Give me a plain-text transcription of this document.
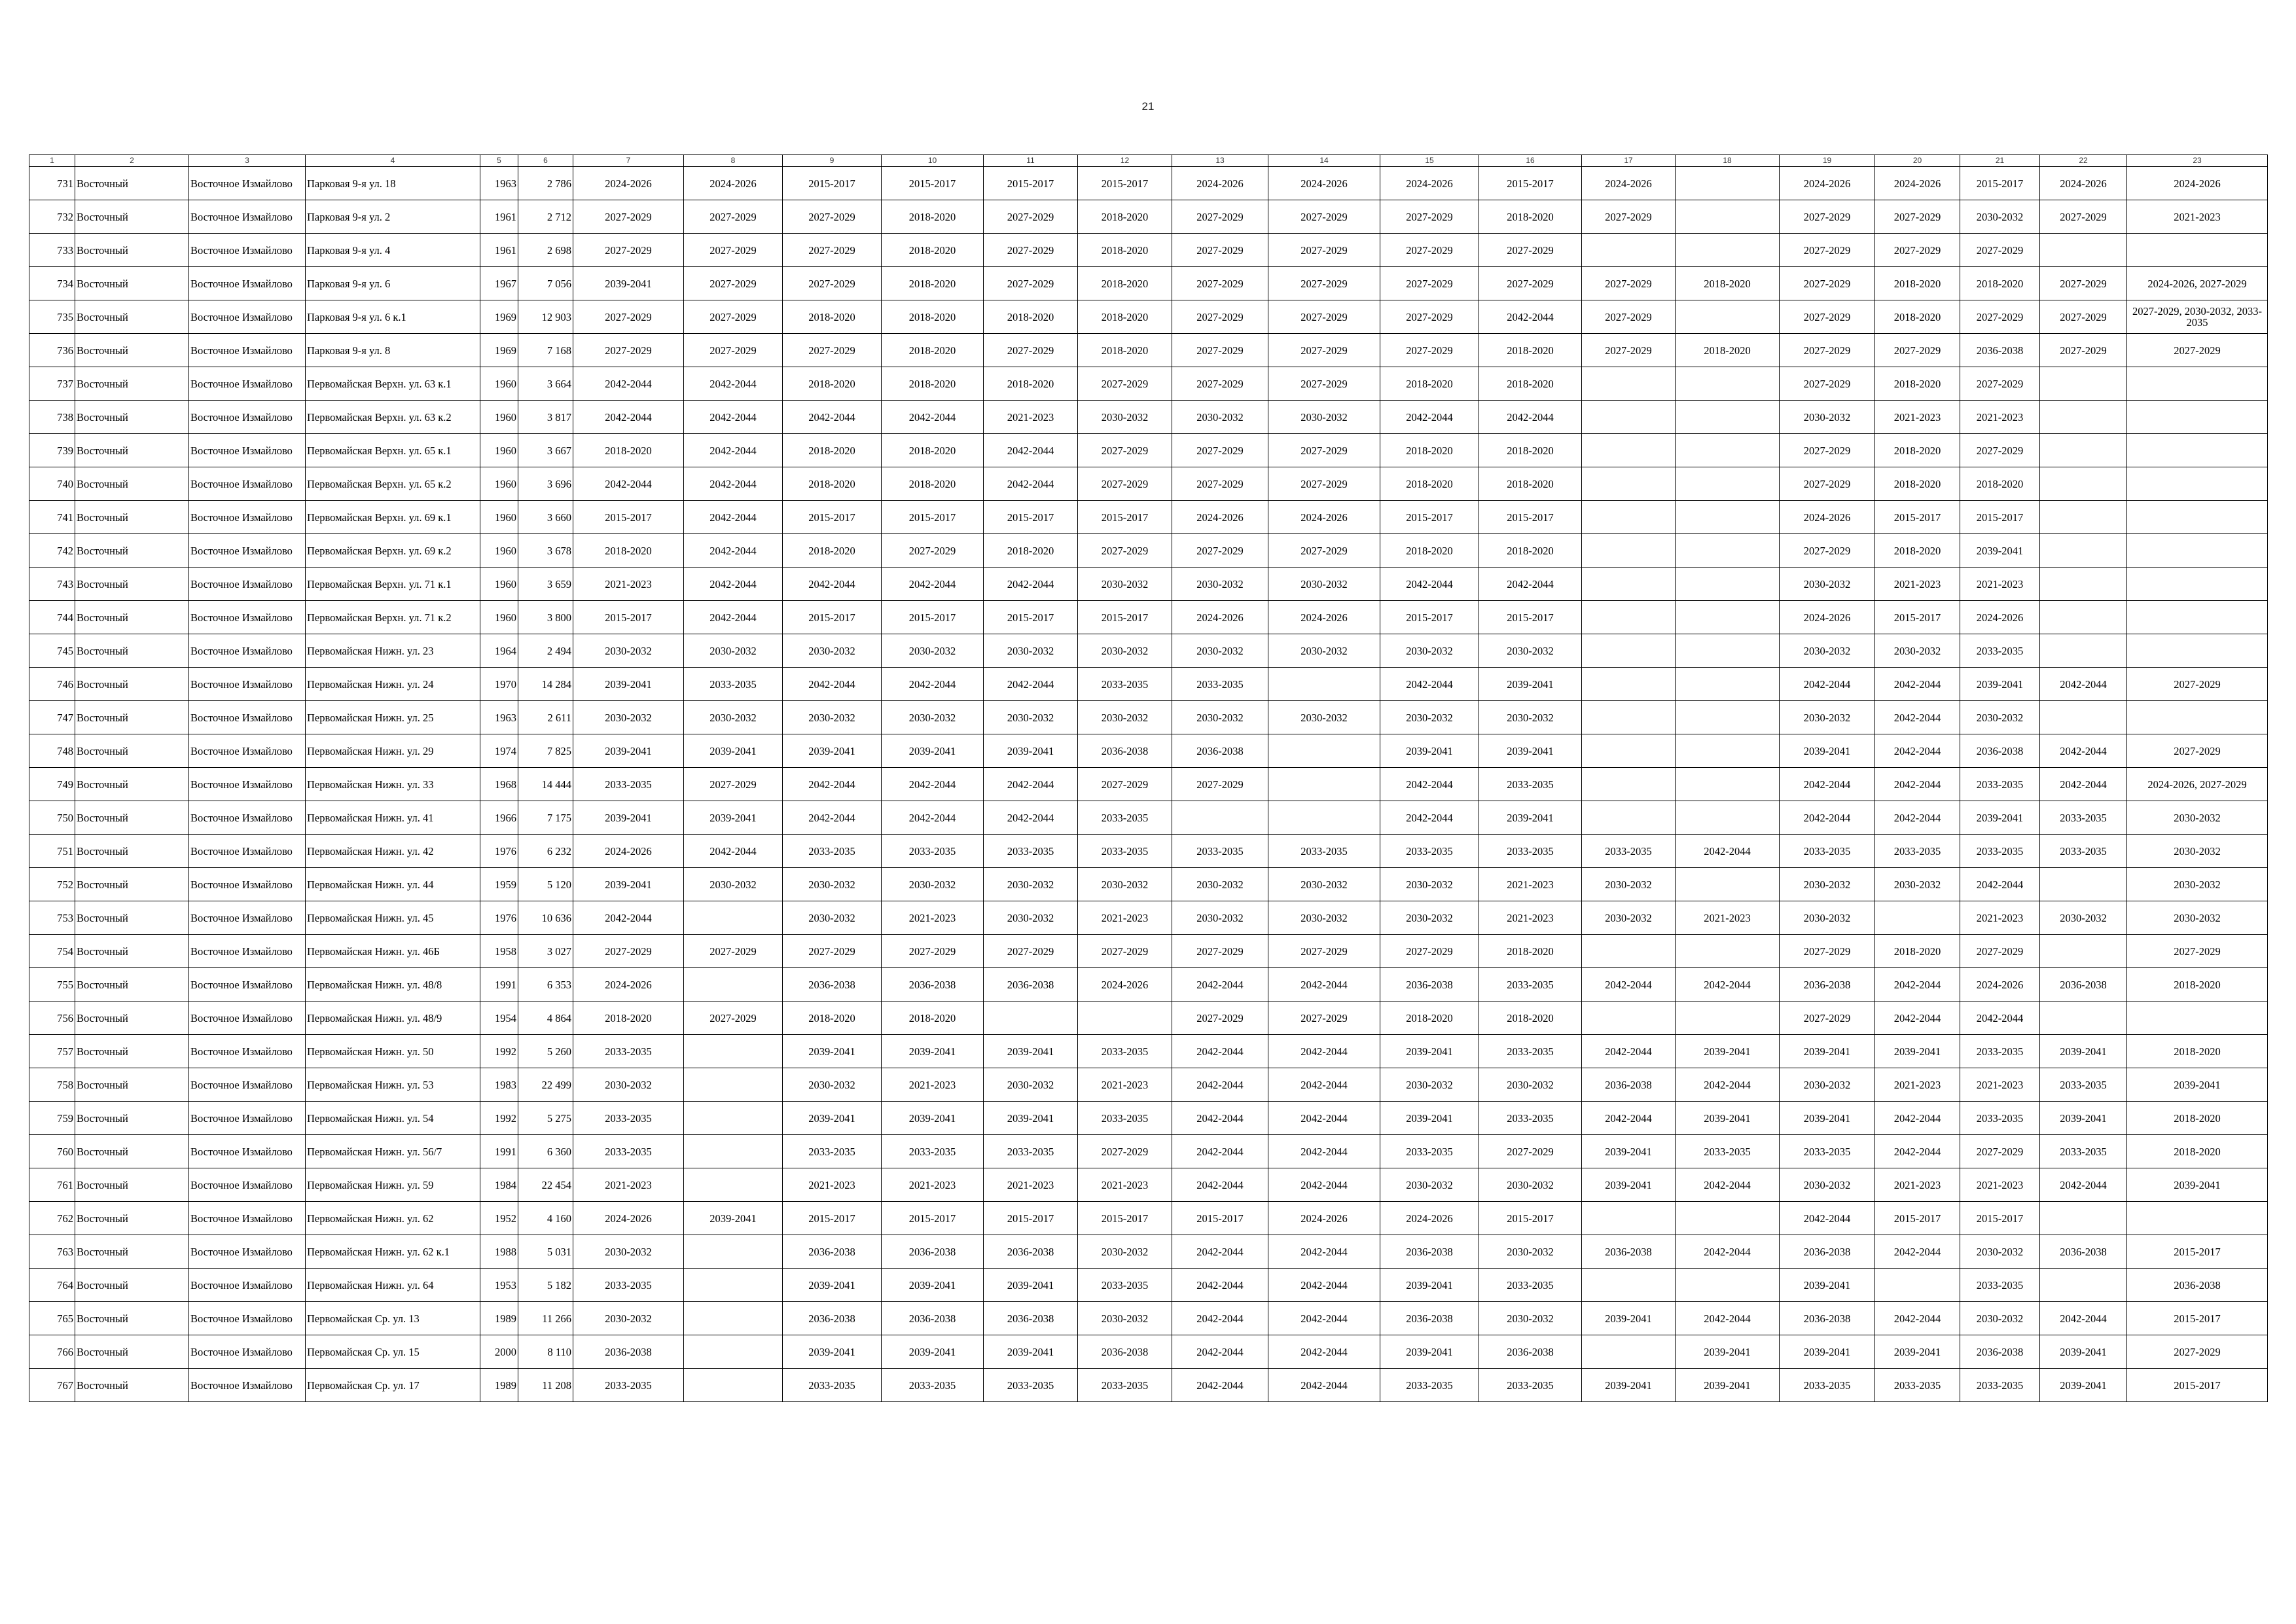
21
1	2	3	4	5	6	7	8	9	10	11	12	13	14	15	16	17	18	19	20	21	22	23
731	Восточный	Восточное Измайлово	Парковая 9-я ул. 18	1963	2 786	2024-2026	2024-2026	2015-2017	2015-2017	2015-2017	2015-2017	2024-2026	2024-2026	2024-2026	2015-2017	2024-2026		2024-2026	2024-2026	2015-2017	2024-2026	2024-2026
732	Восточный	Восточное Измайлово	Парковая 9-я ул. 2	1961	2 712	2027-2029	2027-2029	2027-2029	2018-2020	2027-2029	2018-2020	2027-2029	2027-2029	2027-2029	2018-2020	2027-2029		2027-2029	2027-2029	2030-2032	2027-2029	2021-2023
733	Восточный	Восточное Измайлово	Парковая 9-я ул. 4	1961	2 698	2027-2029	2027-2029	2027-2029	2018-2020	2027-2029	2018-2020	2027-2029	2027-2029	2027-2029	2027-2029			2027-2029	2027-2029	2027-2029		
734	Восточный	Восточное Измайлово	Парковая 9-я ул. 6	1967	7 056	2039-2041	2027-2029	2027-2029	2018-2020	2027-2029	2018-2020	2027-2029	2027-2029	2027-2029	2027-2029	2027-2029	2018-2020	2027-2029	2018-2020	2018-2020	2027-2029	2024-2026, 2027-2029
735	Восточный	Восточное Измайлово	Парковая 9-я ул. 6 к.1	1969	12 903	2027-2029	2027-2029	2018-2020	2018-2020	2018-2020	2018-2020	2027-2029	2027-2029	2027-2029	2042-2044	2027-2029		2027-2029	2018-2020	2027-2029	2027-2029	2027-2029, 2030-2032, 2033-2035
736	Восточный	Восточное Измайлово	Парковая 9-я ул. 8	1969	7 168	2027-2029	2027-2029	2027-2029	2018-2020	2027-2029	2018-2020	2027-2029	2027-2029	2027-2029	2018-2020	2027-2029	2018-2020	2027-2029	2027-2029	2036-2038	2027-2029	2027-2029
737	Восточный	Восточное Измайлово	Первомайская Верхн. ул. 63 к.1	1960	3 664	2042-2044	2042-2044	2018-2020	2018-2020	2018-2020	2027-2029	2027-2029	2027-2029	2018-2020	2018-2020			2027-2029	2018-2020	2027-2029		
738	Восточный	Восточное Измайлово	Первомайская Верхн. ул. 63 к.2	1960	3 817	2042-2044	2042-2044	2042-2044	2042-2044	2021-2023	2030-2032	2030-2032	2030-2032	2042-2044	2042-2044			2030-2032	2021-2023	2021-2023		
739	Восточный	Восточное Измайлово	Первомайская Верхн. ул. 65 к.1	1960	3 667	2018-2020	2042-2044	2018-2020	2018-2020	2042-2044	2027-2029	2027-2029	2027-2029	2018-2020	2018-2020			2027-2029	2018-2020	2027-2029		
740	Восточный	Восточное Измайлово	Первомайская Верхн. ул. 65 к.2	1960	3 696	2042-2044	2042-2044	2018-2020	2018-2020	2042-2044	2027-2029	2027-2029	2027-2029	2018-2020	2018-2020			2027-2029	2018-2020	2018-2020		
741	Восточный	Восточное Измайлово	Первомайская Верхн. ул. 69 к.1	1960	3 660	2015-2017	2042-2044	2015-2017	2015-2017	2015-2017	2015-2017	2024-2026	2024-2026	2015-2017	2015-2017			2024-2026	2015-2017	2015-2017		
742	Восточный	Восточное Измайлово	Первомайская Верхн. ул. 69 к.2	1960	3 678	2018-2020	2042-2044	2018-2020	2027-2029	2018-2020	2027-2029	2027-2029	2027-2029	2018-2020	2018-2020			2027-2029	2018-2020	2039-2041		
743	Восточный	Восточное Измайлово	Первомайская Верхн. ул. 71 к.1	1960	3 659	2021-2023	2042-2044	2042-2044	2042-2044	2042-2044	2030-2032	2030-2032	2030-2032	2042-2044	2042-2044			2030-2032	2021-2023	2021-2023		
744	Восточный	Восточное Измайлово	Первомайская Верхн. ул. 71 к.2	1960	3 800	2015-2017	2042-2044	2015-2017	2015-2017	2015-2017	2015-2017	2024-2026	2024-2026	2015-2017	2015-2017			2024-2026	2015-2017	2024-2026		
745	Восточный	Восточное Измайлово	Первомайская Нижн. ул. 23	1964	2 494	2030-2032	2030-2032	2030-2032	2030-2032	2030-2032	2030-2032	2030-2032	2030-2032	2030-2032	2030-2032			2030-2032	2030-2032	2033-2035		
746	Восточный	Восточное Измайлово	Первомайская Нижн. ул. 24	1970	14 284	2039-2041	2033-2035	2042-2044	2042-2044	2042-2044	2033-2035	2033-2035		2042-2044	2039-2041			2042-2044	2042-2044	2039-2041	2042-2044	2027-2029
747	Восточный	Восточное Измайлово	Первомайская Нижн. ул. 25	1963	2 611	2030-2032	2030-2032	2030-2032	2030-2032	2030-2032	2030-2032	2030-2032	2030-2032	2030-2032	2030-2032			2030-2032	2042-2044	2030-2032		
748	Восточный	Восточное Измайлово	Первомайская Нижн. ул. 29	1974	7 825	2039-2041	2039-2041	2039-2041	2039-2041	2039-2041	2036-2038	2036-2038		2039-2041	2039-2041			2039-2041	2042-2044	2036-2038	2042-2044	2027-2029
749	Восточный	Восточное Измайлово	Первомайская Нижн. ул. 33	1968	14 444	2033-2035	2027-2029	2042-2044	2042-2044	2042-2044	2027-2029	2027-2029		2042-2044	2033-2035			2042-2044	2042-2044	2033-2035	2042-2044	2024-2026, 2027-2029
750	Восточный	Восточное Измайлово	Первомайская Нижн. ул. 41	1966	7 175	2039-2041	2039-2041	2042-2044	2042-2044	2042-2044	2033-2035			2042-2044	2039-2041			2042-2044	2042-2044	2039-2041	2033-2035	2030-2032
751	Восточный	Восточное Измайлово	Первомайская Нижн. ул. 42	1976	6 232	2024-2026	2042-2044	2033-2035	2033-2035	2033-2035	2033-2035	2033-2035	2033-2035	2033-2035	2033-2035	2033-2035	2042-2044	2033-2035	2033-2035	2033-2035	2033-2035	2030-2032
752	Восточный	Восточное Измайлово	Первомайская Нижн. ул. 44	1959	5 120	2039-2041	2030-2032	2030-2032	2030-2032	2030-2032	2030-2032	2030-2032	2030-2032	2030-2032	2021-2023	2030-2032		2030-2032	2030-2032	2042-2044		2030-2032
753	Восточный	Восточное Измайлово	Первомайская Нижн. ул. 45	1976	10 636	2042-2044		2030-2032	2021-2023	2030-2032	2021-2023	2030-2032	2030-2032	2030-2032	2021-2023	2030-2032	2021-2023	2030-2032		2021-2023	2030-2032	2030-2032
754	Восточный	Восточное Измайлово	Первомайская Нижн. ул. 46Б	1958	3 027	2027-2029	2027-2029	2027-2029	2027-2029	2027-2029	2027-2029	2027-2029	2027-2029	2027-2029	2018-2020			2027-2029	2018-2020	2027-2029		2027-2029
755	Восточный	Восточное Измайлово	Первомайская Нижн. ул. 48/8	1991	6 353	2024-2026		2036-2038	2036-2038	2036-2038	2024-2026	2042-2044	2042-2044	2036-2038	2033-2035	2042-2044	2042-2044	2036-2038	2042-2044	2024-2026	2036-2038	2018-2020
756	Восточный	Восточное Измайлово	Первомайская Нижн. ул. 48/9	1954	4 864	2018-2020	2027-2029	2018-2020	2018-2020			2027-2029	2027-2029	2018-2020	2018-2020			2027-2029	2042-2044	2042-2044		
757	Восточный	Восточное Измайлово	Первомайская Нижн. ул. 50	1992	5 260	2033-2035		2039-2041	2039-2041	2039-2041	2033-2035	2042-2044	2042-2044	2039-2041	2033-2035	2042-2044	2039-2041	2039-2041	2039-2041	2033-2035	2039-2041	2018-2020
758	Восточный	Восточное Измайлово	Первомайская Нижн. ул. 53	1983	22 499	2030-2032		2030-2032	2021-2023	2030-2032	2021-2023	2042-2044	2042-2044	2030-2032	2030-2032	2036-2038	2042-2044	2030-2032	2021-2023	2021-2023	2033-2035	2039-2041
759	Восточный	Восточное Измайлово	Первомайская Нижн. ул. 54	1992	5 275	2033-2035		2039-2041	2039-2041	2039-2041	2033-2035	2042-2044	2042-2044	2039-2041	2033-2035	2042-2044	2039-2041	2039-2041	2042-2044	2033-2035	2039-2041	2018-2020
760	Восточный	Восточное Измайлово	Первомайская Нижн. ул. 56/7	1991	6 360	2033-2035		2033-2035	2033-2035	2033-2035	2027-2029	2042-2044	2042-2044	2033-2035	2027-2029	2039-2041	2033-2035	2033-2035	2042-2044	2027-2029	2033-2035	2018-2020
761	Восточный	Восточное Измайлово	Первомайская Нижн. ул. 59	1984	22 454	2021-2023		2021-2023	2021-2023	2021-2023	2021-2023	2042-2044	2042-2044	2030-2032	2030-2032	2039-2041	2042-2044	2030-2032	2021-2023	2021-2023	2042-2044	2039-2041
762	Восточный	Восточное Измайлово	Первомайская Нижн. ул. 62	1952	4 160	2024-2026	2039-2041	2015-2017	2015-2017	2015-2017	2015-2017	2015-2017	2024-2026	2024-2026	2015-2017			2042-2044	2015-2017	2015-2017		
763	Восточный	Восточное Измайлово	Первомайская Нижн. ул. 62 к.1	1988	5 031	2030-2032		2036-2038	2036-2038	2036-2038	2030-2032	2042-2044	2042-2044	2036-2038	2030-2032	2036-2038	2042-2044	2036-2038	2042-2044	2030-2032	2036-2038	2015-2017
764	Восточный	Восточное Измайлово	Первомайская Нижн. ул. 64	1953	5 182	2033-2035		2039-2041	2039-2041	2039-2041	2033-2035	2042-2044	2042-2044	2039-2041	2033-2035			2039-2041		2033-2035		2036-2038
765	Восточный	Восточное Измайлово	Первомайская Ср. ул. 13	1989	11 266	2030-2032		2036-2038	2036-2038	2036-2038	2030-2032	2042-2044	2042-2044	2036-2038	2030-2032	2039-2041	2042-2044	2036-2038	2042-2044	2030-2032	2042-2044	2015-2017
766	Восточный	Восточное Измайлово	Первомайская Ср. ул. 15	2000	8 110	2036-2038		2039-2041	2039-2041	2039-2041	2036-2038	2042-2044	2042-2044	2039-2041	2036-2038		2039-2041	2039-2041	2039-2041	2036-2038	2039-2041	2027-2029
767	Восточный	Восточное Измайлово	Первомайская Ср. ул. 17	1989	11 208	2033-2035		2033-2035	2033-2035	2033-2035	2033-2035	2042-2044	2042-2044	2033-2035	2033-2035	2039-2041	2039-2041	2033-2035	2033-2035	2033-2035	2039-2041	2015-2017
